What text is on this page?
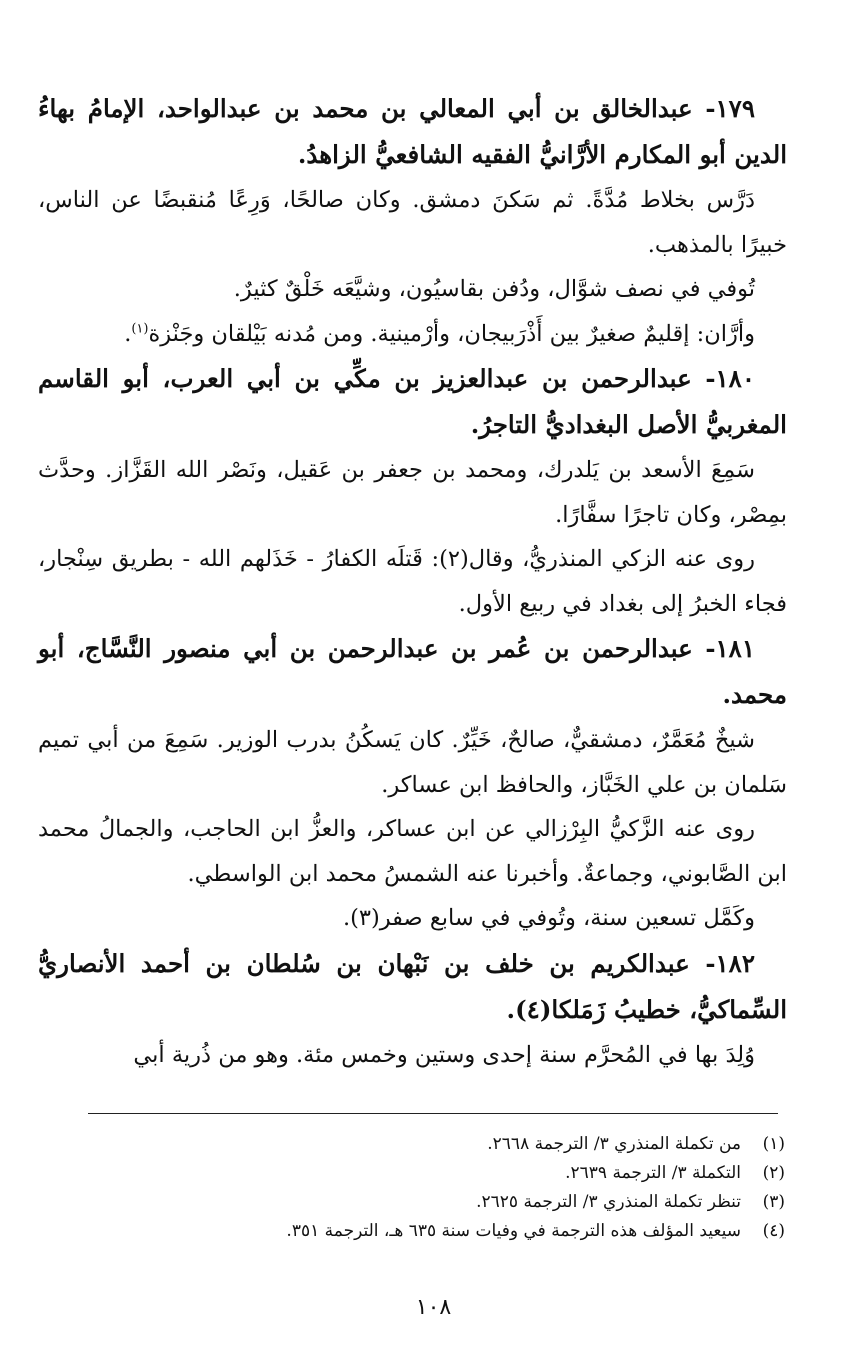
١٧٩- عبدالخالق بن أبي المعالي بن محمد بن عبدالواحد، الإمامُ بهاءُ الدين أبو المكارم الأرَّانيُّ الفقيه الشافعيُّ الزاهدُ.

دَرَّس بخلاط مُدَّةً. ثم سَكنَ دمشق. وكان صالحًا، وَرِعًا مُنقبضًا عن الناس، خبيرًا بالمذهب.

تُوفي في نصف شوَّال، ودُفن بقاسيُون، وشيَّعَه خَلْقٌ كثيرٌ.

وأرَّان: إقليمٌ صغيرٌ بين أَذْرَبيجان، وأرْمينية. ومن مُدنه بَيْلقان وجَنْزة$^{(١)}$.

١٨٠- عبدالرحمن بن عبدالعزيز بن مكِّي بن أبي العرب، أبو القاسم المغربيُّ الأصل البغداديُّ التاجرُ.

سَمِعَ الأسعد بن يَلدرك، ومحمد بن جعفر بن عَقيل، ونَصْر الله القَزَّاز. وحدَّث بمِصْر، وكان تاجرًا سفَّارًا.

روى عنه الزكي المنذريُّ، وقال(٢): قَتلَه الكفارُ - خَذَلهم الله - بطريق سِنْجار، فجاء الخبرُ إلى بغداد في ربيع الأول.

١٨١- عبدالرحمن بن عُمر بن عبدالرحمن بن أبي منصور النَّسَّاج، أبو محمد.

شيخٌ مُعَمَّرٌ، دمشقيٌّ، صالحٌ، خَيِّرٌ. كان يَسكُنُ بدرب الوزير. سَمِعَ من أبي تميم سَلمان بن علي الخَبَّاز، والحافظ ابن عساكر.

روى عنه الزَّكيُّ البِرْزالي عن ابن عساكر، والعزُّ ابن الحاجب، والجمالُ محمد ابن الصَّابوني، وجماعةٌ. وأخبرنا عنه الشمسُ محمد ابن الواسطي.

وكَمَّل تسعين سنة، وتُوفي في سابع صفر(٣).

١٨٢- عبدالكريم بن خلف بن نَبْهان بن سُلطان بن أحمد الأنصاريُّ السِّماكيُّ، خطيبُ زَمَلكا(٤).

وُلِدَ بها في المُحرَّم سنة إحدى وستين وخمس مئة. وهو من ذُرية أبي

(١)من تكملة المنذري ٣/ الترجمة ٢٦٦٨.
(٢)التكملة ٣/ الترجمة ٢٦٣٩.
(٣)تنظر تكملة المنذري ٣/ الترجمة ٢٦٢٥.
(٤)سيعيد المؤلف هذه الترجمة في وفيات سنة ٦٣٥ هـ، الترجمة ٣٥١.
١٠٨
